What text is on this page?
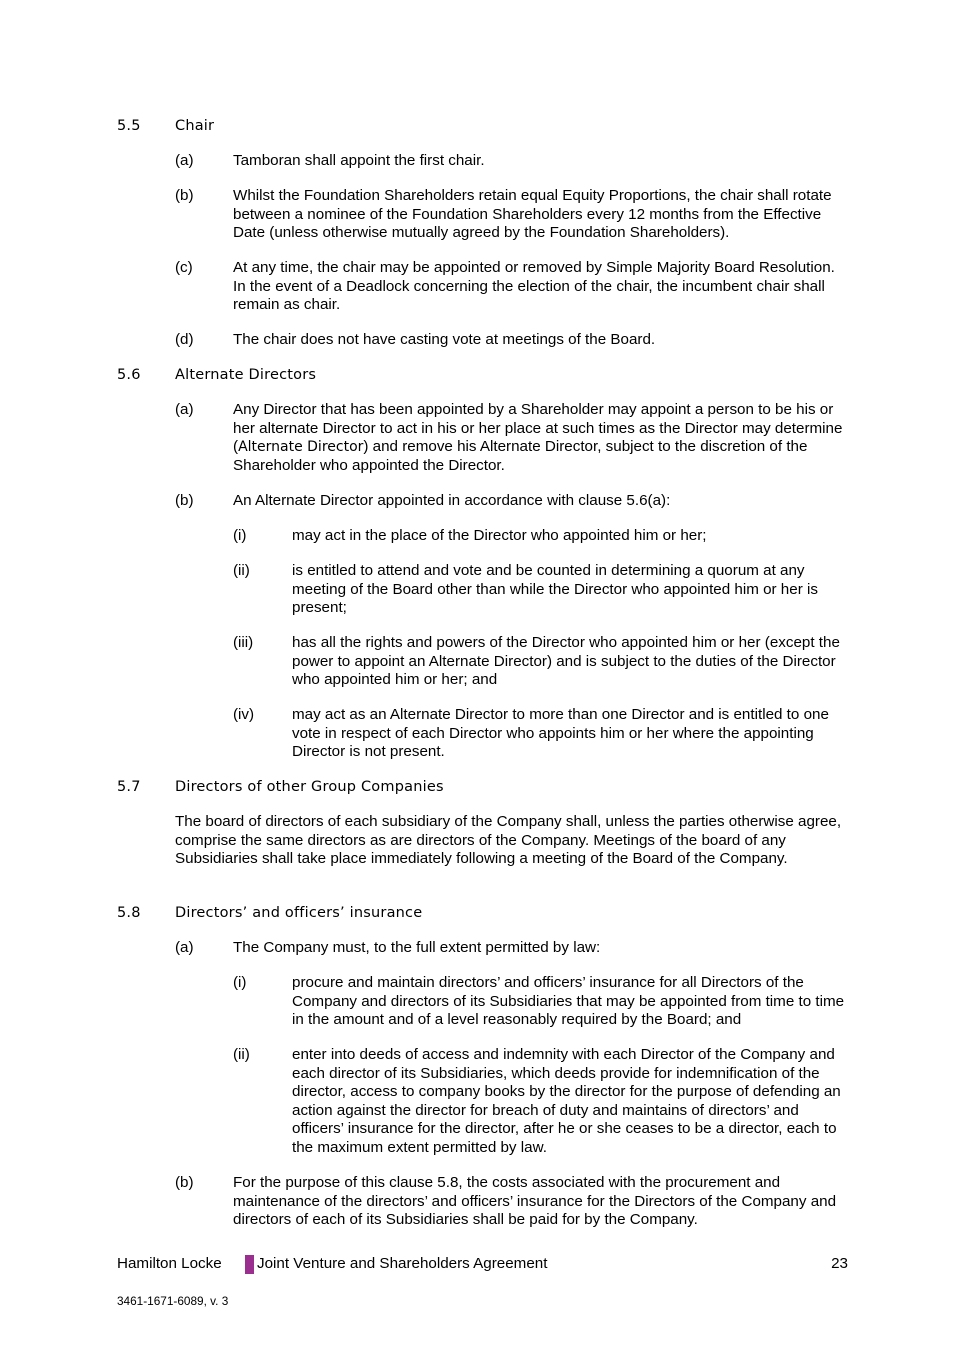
5.5 Chair
(a)	Tamboran shall appoint the first chair.
(b)	Whilst the Foundation Shareholders retain equal Equity Proportions, the chair shall rotate between a nominee of the Foundation Shareholders every 12 months from the Effective Date (unless otherwise mutually agreed by the Foundation Shareholders).
(c)	At any time, the chair may be appointed or removed by Simple Majority Board Resolution. In the event of a Deadlock concerning the election of the chair, the incumbent chair shall remain as chair.
(d)	The chair does not have casting vote at meetings of the Board.
5.6 Alternate Directors
(a)	Any Director that has been appointed by a Shareholder may appoint a person to be his or her alternate Director to act in his or her place at such times as the Director may determine (Alternate Director) and remove his Alternate Director, subject to the discretion of the Shareholder who appointed the Director.
(b)	An Alternate Director appointed in accordance with clause 5.6(a):
(i)	may act in the place of the Director who appointed him or her;
(ii)	is entitled to attend and vote and be counted in determining a quorum at any meeting of the Board other than while the Director who appointed him or her is present;
(iii)	has all the rights and powers of the Director who appointed him or her (except the power to appoint an Alternate Director) and is subject to the duties of the Director who appointed him or her; and
(iv) may act as an Alternate Director to more than one Director and is entitled to one vote in respect of each Director who appoints him or her where the appointing Director is not present.
5.7 Directors of other Group Companies
The board of directors of each subsidiary of the Company shall, unless the parties otherwise agree, comprise the same directors as are directors of the Company. Meetings of the board of any Subsidiaries shall take place immediately following a meeting of the Board of the Company.
5.8 Directors’ and officers’ insurance
(a)	The Company must, to the full extent permitted by law:
(i)	procure and maintain directors’ and officers’ insurance for all Directors of the Company and directors of its Subsidiaries that may be appointed from time to time in the amount and of a level reasonably required by the Board; and
(ii)	enter into deeds of access and indemnity with each Director of the Company and each director of its Subsidiaries, which deeds provide for indemnification of the director, access to company books by the director for the purpose of defending an action against the director for breach of duty and maintains of directors’ and officers’ insurance for the director, after he or she ceases to be a director, each to the maximum extent permitted by law.
(b)	For the purpose of this clause 5.8, the costs associated with the procurement and maintenance of the directors’ and officers’ insurance for the Directors of the Company and directors of each of its Subsidiaries shall be paid for by the Company.
Hamilton Locke Joint Venture and Shareholders Agreement	23
3461-1671-6089, v. 3
